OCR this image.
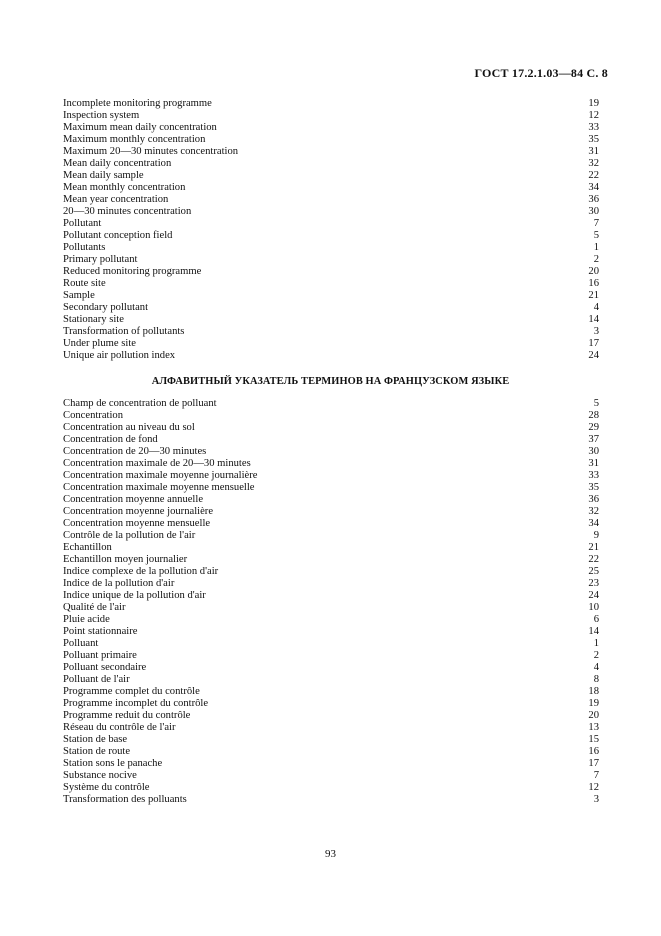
ГОСТ 17.2.1.03—84 С. 8
Incomplete monitoring programme	19
Inspection system	12
Maximum mean daily concentration	33
Maximum monthly concentration	35
Maximum 20—30 minutes concentration	31
Mean daily concentration	32
Mean daily sample	22
Mean monthly concentration	34
Mean year concentration	36
20—30 minutes concentration	30
Pollutant	7
Pollutant conception field	5
Pollutants	1
Primary pollutant	2
Reduced monitoring programme	20
Route site	16
Sample	21
Secondary pollutant	4
Stationary site	14
Transformation of pollutants	3
Under plume site	17
Unique air pollution index	24
АЛФАВИТНЫЙ УКАЗАТЕЛЬ ТЕРМИНОВ НА ФРАНЦУЗСКОМ ЯЗЫКЕ
Champ de concentration de polluant	5
Concentration	28
Concentration au niveau du sol	29
Concentration de fond	37
Concentration de 20—30 minutes	30
Concentration maximale de 20—30 minutes	31
Concentration maximale moyenne journalière	33
Concentration maximale moyenne mensuelle	35
Concentration moyenne annuelle	36
Concentration moyenne journalière	32
Concentration moyenne mensuelle	34
Contrôle de la pollution de l'air	9
Echantillon	21
Echantillon moyen journalier	22
Indice complexe de la pollution d'air	25
Indice de la pollution d'air	23
Indice unique de la pollution d'air	24
Qualité de l'air	10
Pluie acide	6
Point stationnaire	14
Polluant	1
Polluant primaire	2
Polluant secondaire	4
Polluant de l'air	8
Programme complet du contrôle	18
Programme incomplet du contrôle	19
Programme reduit du contrôle	20
Réseau du contrôle de l'air	13
Station de base	15
Station de route	16
Station sons le panache	17
Substance nocive	7
Système du contrôle	12
Transformation des polluants	3
93
